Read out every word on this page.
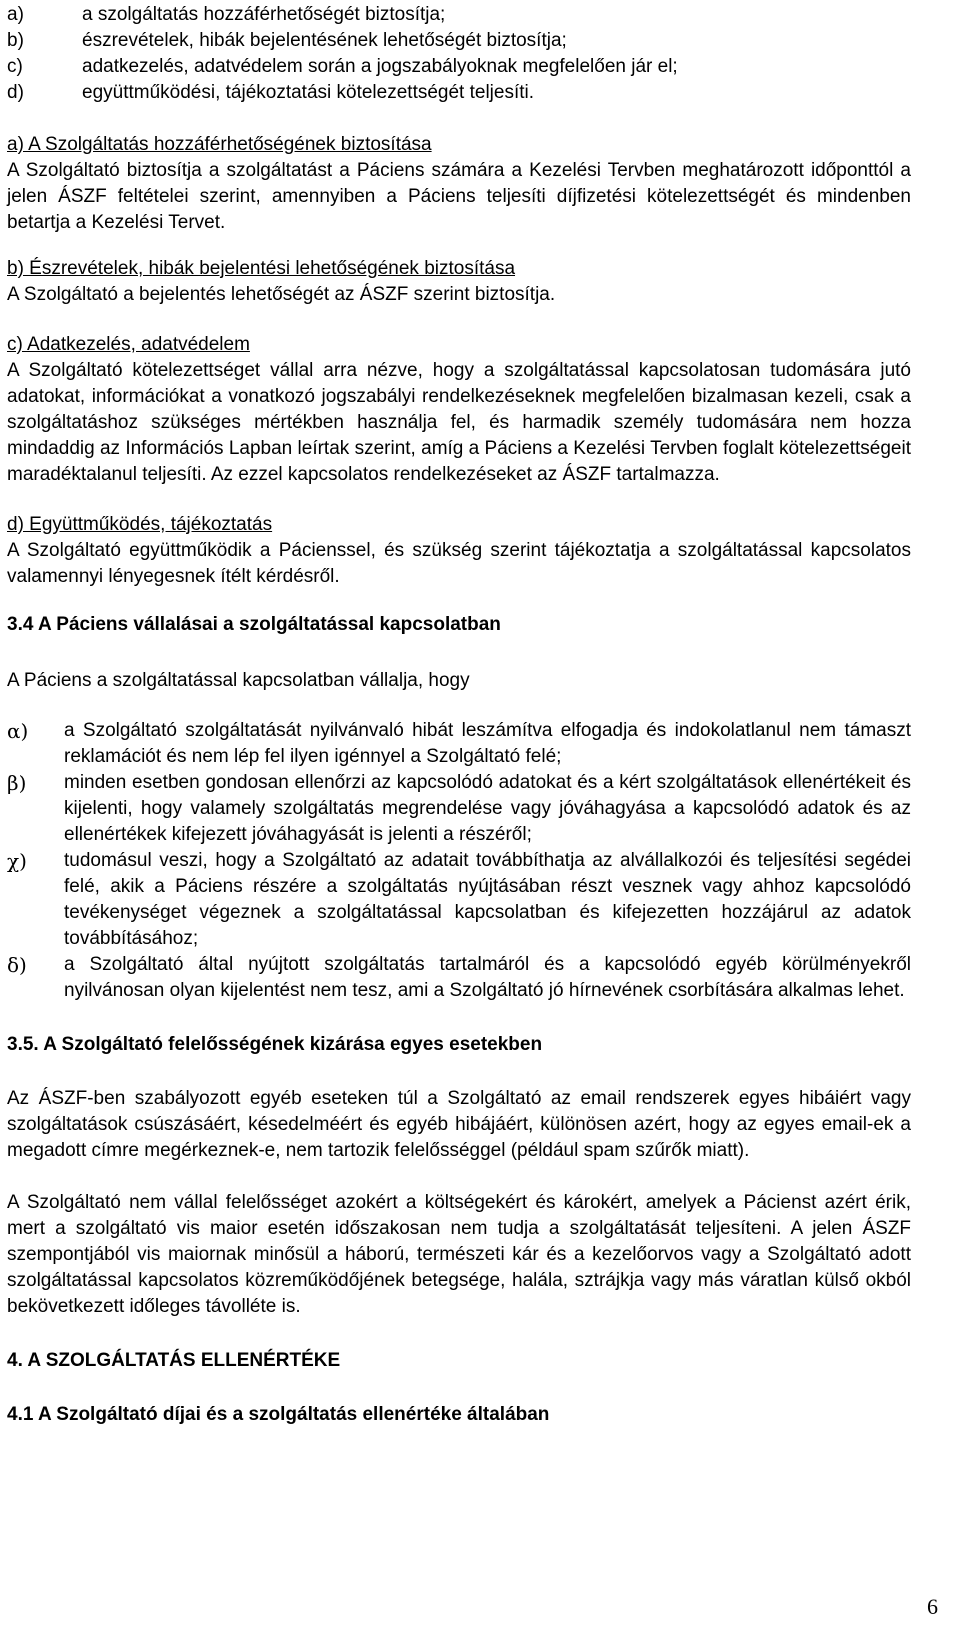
a)	a szolgáltatás hozzáférhetőségét biztosítja;
b)	észrevételek, hibák bejelentésének lehetőségét biztosítja;
c)	adatkezelés, adatvédelem során a jogszabályoknak megfelelően jár el;
d)	együttműködési, tájékoztatási kötelezettségét teljesíti.
a) A Szolgáltatás hozzáférhetőségének biztosítása

A Szolgáltató biztosítja a szolgáltatást a Páciens számára a Kezelési Tervben meghatározott időponttól a jelen ÁSZF feltételei szerint, amennyiben a Páciens teljesíti díjfizetési kötelezettségét és mindenben betartja a Kezelési Tervet.

b) Észrevételek, hibák bejelentési lehetőségének biztosítása

A Szolgáltató a bejelentés lehetőségét az ÁSZF szerint biztosítja.

c) Adatkezelés, adatvédelem

A Szolgáltató kötelezettséget vállal arra nézve, hogy a szolgáltatással kapcsolatosan tudomására jutó adatokat, információkat a vonatkozó jogszabályi rendelkezéseknek megfelelően bizalmasan kezeli, csak a szolgáltatáshoz szükséges mértékben használja fel, és harmadik személy tudomására nem hozza mindaddig az Információs Lapban leírtak szerint, amíg a Páciens a Kezelési Tervben foglalt kötelezettségeit maradéktalanul teljesíti. Az ezzel kapcsolatos rendelkezéseket az ÁSZF tartalmazza.

d) Együttműködés, tájékoztatás

A Szolgáltató együttműködik a Pácienssel, és szükség szerint tájékoztatja a szolgáltatással kapcsolatos valamennyi lényegesnek ítélt kérdésről.

3.4 A Páciens vállalásai a szolgáltatással kapcsolatban

A Páciens a szolgáltatással kapcsolatban vállalja, hogy

α)	a Szolgáltató szolgáltatását nyilvánvaló hibát leszámítva elfogadja és indokolatlanul nem támaszt reklamációt és nem lép fel ilyen igénnyel a Szolgáltató felé;
β)	minden esetben gondosan ellenőrzi az kapcsolódó adatokat és a kért szolgáltatások ellenértékeit és kijelenti, hogy valamely szolgáltatás megrendelése vagy jóváhagyása a kapcsolódó adatok és az ellenértékek kifejezett jóváhagyását is jelenti a részéről;
χ)	tudomásul veszi, hogy a Szolgáltató az adatait továbbíthatja az alvállalkozói és teljesítési segédei felé, akik a Páciens részére a szolgáltatás nyújtásában részt vesznek vagy ahhoz kapcsolódó tevékenységet végeznek a szolgáltatással kapcsolatban és kifejezetten hozzájárul az adatok továbbításához;
δ)	a Szolgáltató által nyújtott szolgáltatás tartalmáról és a kapcsolódó egyéb körülményekről nyilvánosan olyan kijelentést nem tesz, ami a Szolgáltató jó hírnevének csorbítására alkalmas lehet.
3.5. A Szolgáltató felelősségének kizárása egyes esetekben

Az ÁSZF-ben szabályozott egyéb eseteken túl a Szolgáltató az email rendszerek egyes hibáiért vagy szolgáltatások csúszásáért, késedelméért és egyéb hibájáért, különösen azért, hogy az egyes email-ek a megadott címre megérkeznek-e, nem tartozik felelősséggel (például spam szűrők miatt).

A Szolgáltató nem vállal felelősséget azokért a költségekért és károkért, amelyek a Pácienst azért érik, mert a szolgáltató vis maior esetén időszakosan nem tudja a szolgáltatását teljesíteni. A jelen ÁSZF szempontjából vis maiornak minősül a háború, természeti kár és a kezelőorvos vagy a Szolgáltató adott szolgáltatással kapcsolatos közreműködőjének betegsége, halála, sztrájkja vagy más váratlan külső okból bekövetkezett időleges távolléte is.

4. A SZOLGÁLTATÁS ELLENÉRTÉKE
4.1 A Szolgáltató díjai és a szolgáltatás ellenértéke általában
6
